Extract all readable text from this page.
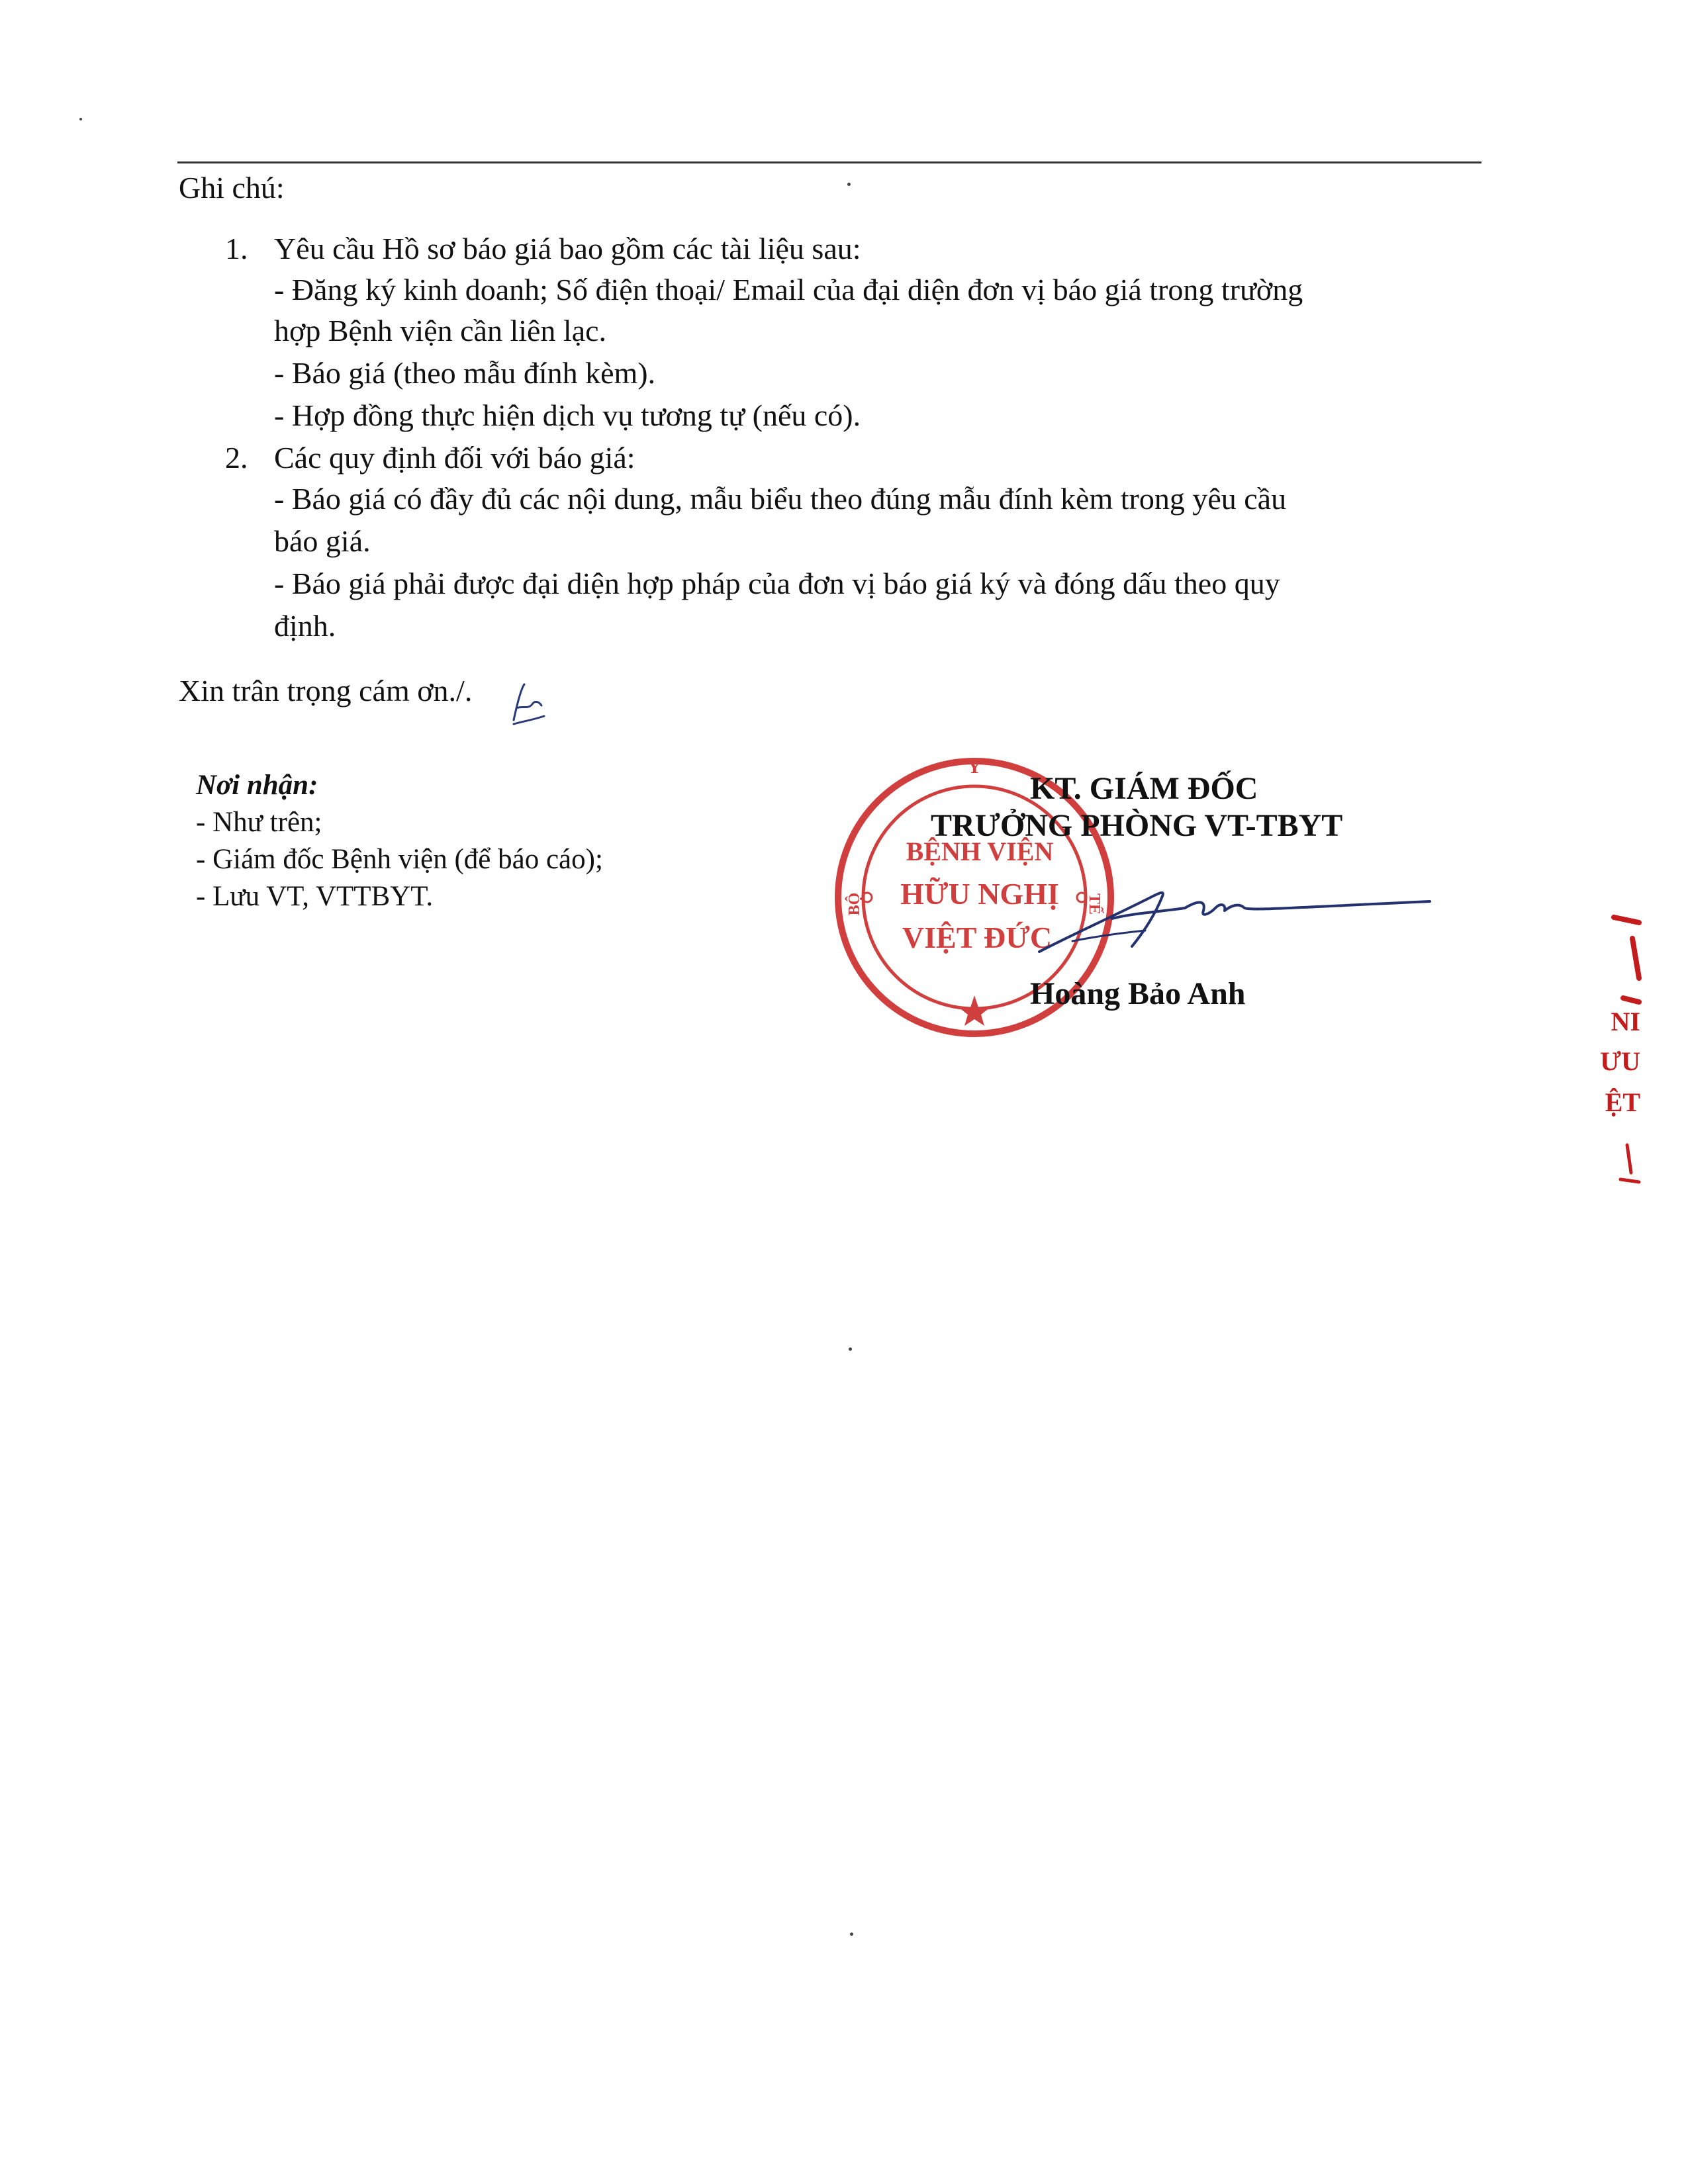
Ghi chú:
1. Yêu cầu Hồ sơ báo giá bao gồm các tài liệu sau:
- Đăng ký kinh doanh; Số điện thoại/ Email của đại diện đơn vị báo giá trong trường
hợp Bệnh viện cần liên lạc.
- Báo giá (theo mẫu đính kèm).
- Hợp đồng thực hiện dịch vụ tương tự (nếu có).
2. Các quy định đối với báo giá:
- Báo giá có đầy đủ các nội dung, mẫu biểu theo đúng mẫu đính kèm trong yêu cầu
báo giá.
- Báo giá phải được đại diện hợp pháp của đơn vị báo giá ký và đóng dấu theo quy
định.
Xin trân trọng cám ơn./.
Nơi nhận:
- Như trên;
- Giám đốc Bệnh viện (để báo cáo);
- Lưu VT, VTTBYT.
Y
BỘ	TẾ
BỆNH VIỆN
HỮU NGHỊ
VIỆT ĐỨC
KT. GIÁM ĐỐC
TRƯỞNG PHÒNG VT-TBYT
Hoàng Bảo Anh
NI
ƯU
ỆT
